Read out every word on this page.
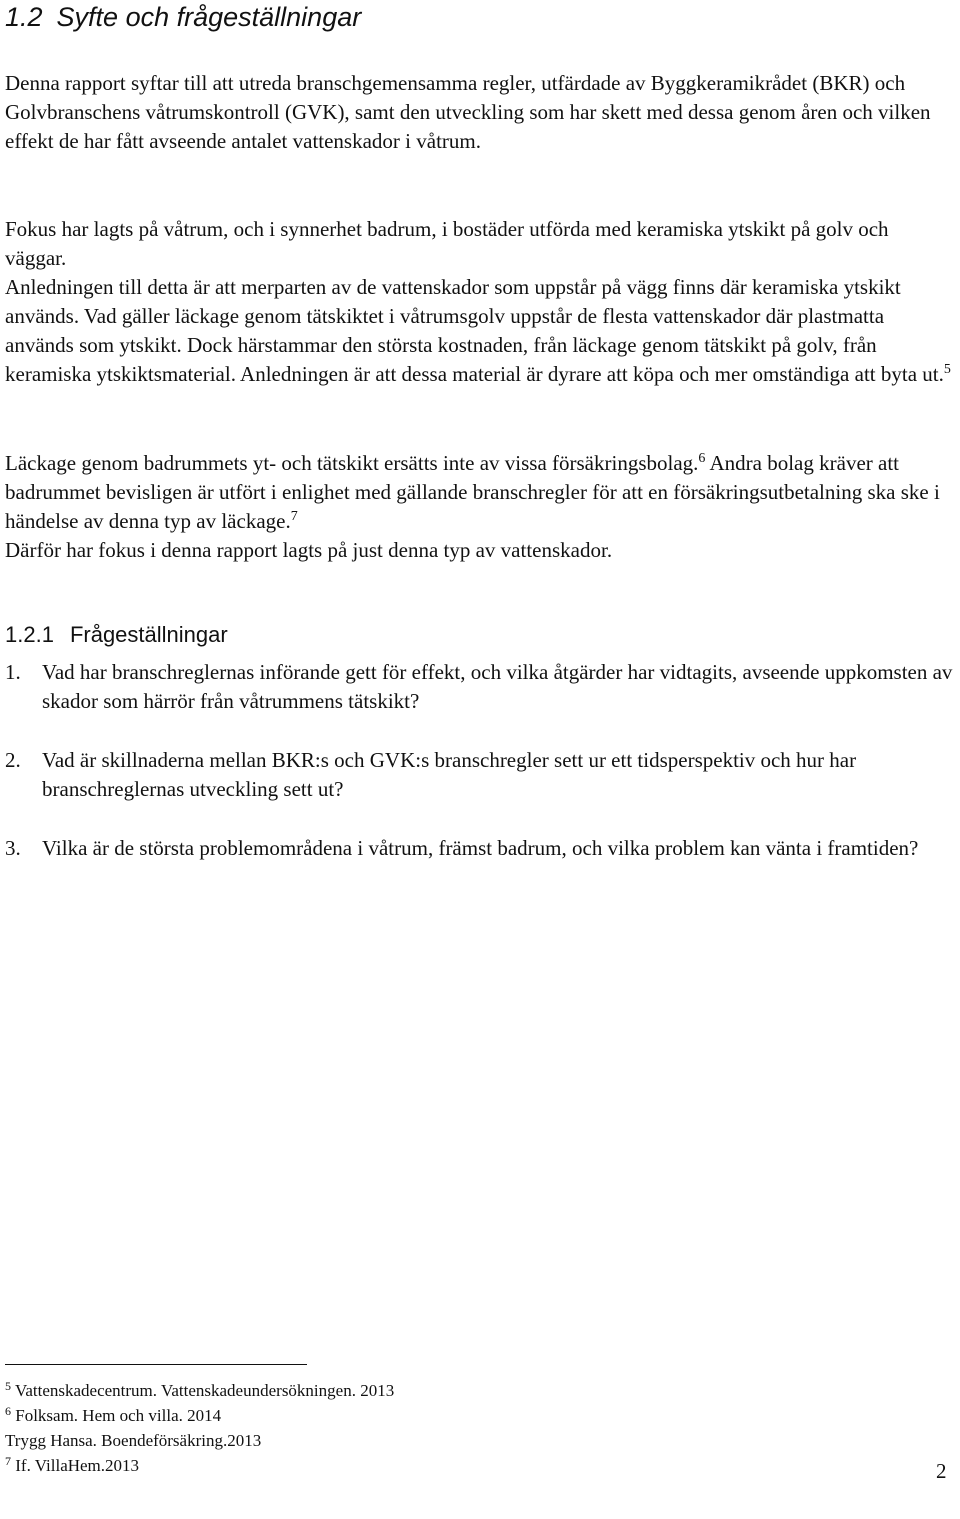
1.2 Syfte och frågeställningar

Denna rapport syftar till att utreda branschgemensamma regler, utfärdade av Byggkeramikrådet (BKR) och Golvbranschens våtrumskontroll (GVK), samt den utveckling som har skett med dessa genom åren och vilken effekt de har fått avseende antalet vattenskador i våtrum.

Fokus har lagts på våtrum, och i synnerhet badrum, i bostäder utförda med keramiska ytskikt på golv och väggar.

Anledningen till detta är att merparten av de vattenskador som uppstår på vägg finns där keramiska ytskikt används. Vad gäller läckage genom tätskiktet i våtrumsgolv uppstår de flesta vattenskador där plastmatta används som ytskikt. Dock härstammar den största kostnaden, från läckage genom tätskikt på golv, från keramiska ytskiktsmaterial. Anledningen är att dessa material är dyrare att köpa och mer omständiga att byta ut.$^5$

Läckage genom badrummets yt- och tätskikt ersätts inte av vissa försäkringsbolag.$^6$ Andra bolag kräver att badrummet bevisligen är utfört i enlighet med gällande branschregler för att en försäkringsutbetalning ska ske i händelse av denna typ av läckage.$^7$

Därför har fokus i denna rapport lagts på just denna typ av vattenskador.

1.2.1 Frågeställningar
1. Vad har branschreglernas införande gett för effekt, och vilka åtgärder har vidtagits, avseende uppkomsten av skador som härrör från våtrummens tätskikt?
2. Vad är skillnaderna mellan BKR:s och GVK:s branschregler sett ur ett tidsperspektiv och hur har branschreglernas utveckling sett ut?
3. Vilka är de största problemområdena i våtrum, främst badrum, och vilka problem kan vänta i framtiden?
$^5$ Vattenskadecentrum. Vattenskadeundersökningen. 2013
$^6$ Folksam. Hem och villa. 2014
Trygg Hansa. Boendeförsäkring.2013
$^7$ If. VillaHem.2013	2
